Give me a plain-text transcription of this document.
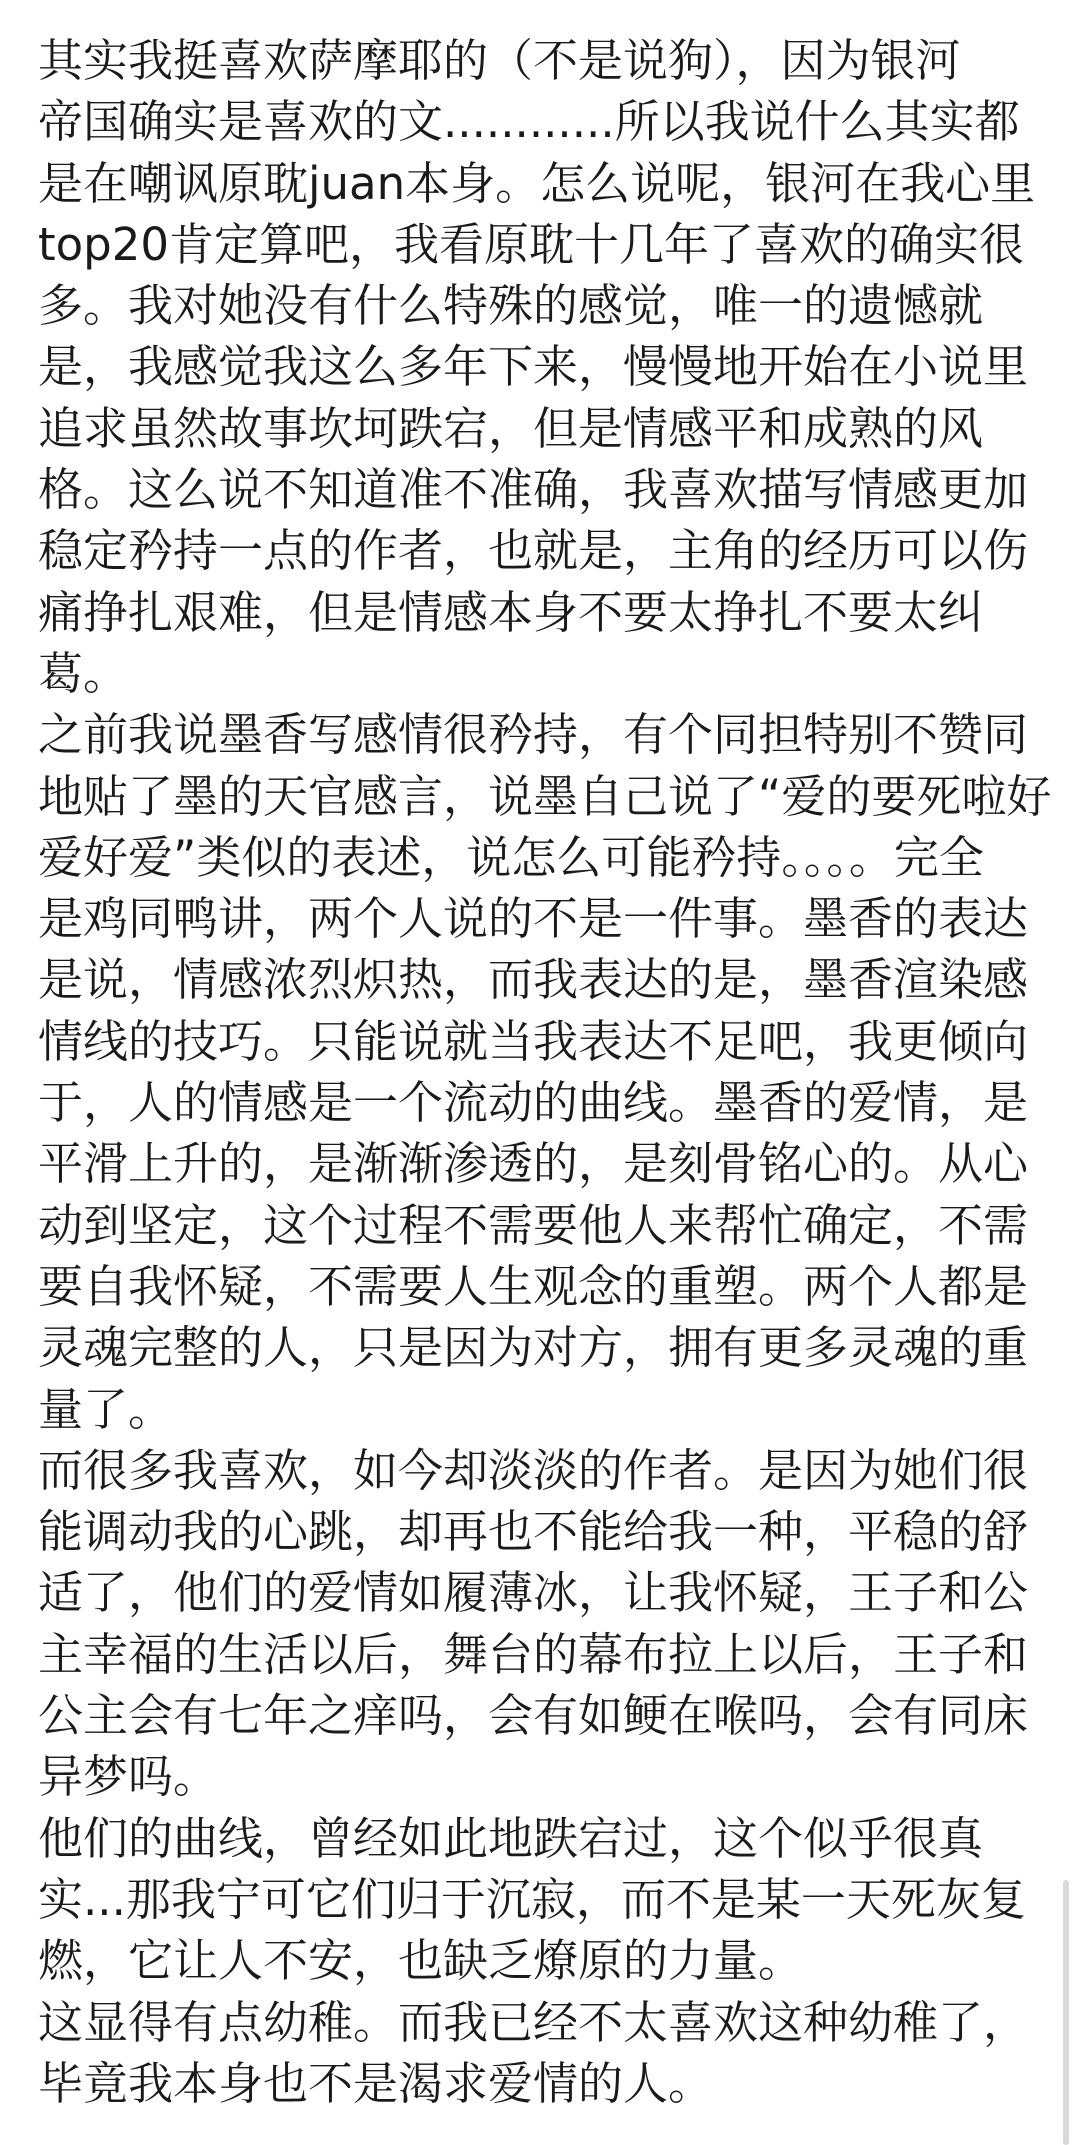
其实我挺喜欢萨摩耶的（不是说狗），因为银河
帝国确实是喜欢的文............所以我说什么其实都
是在嘲讽原耽juan本身。怎么说呢，银河在我心里
top20肯定算吧，我看原耽十几年了喜欢的确实很
多。我对她没有什么特殊的感觉，唯一的遗憾就
是，我感觉我这么多年下来，慢慢地开始在小说里
追求虽然故事坎坷跌宕，但是情感平和成熟的风
格。这么说不知道准不准确，我喜欢描写情感更加
稳定矜持一点的作者，也就是，主角的经历可以伤
痛挣扎艰难，但是情感本身不要太挣扎不要太纠
葛。
之前我说墨香写感情很矜持，有个同担特别不赞同
地贴了墨的天官感言，说墨自己说了“爱的要死啦好
爱好爱”类似的表述，说怎么可能矜持。。。。完全
是鸡同鸭讲，两个人说的不是一件事。墨香的表达
是说，情感浓烈炽热，而我表达的是，墨香渲染感
情线的技巧。只能说就当我表达不足吧，我更倾向
于，人的情感是一个流动的曲线。墨香的爱情，是
平滑上升的，是渐渐渗透的，是刻骨铭心的。从心
动到坚定，这个过程不需要他人来帮忙确定，不需
要自我怀疑，不需要人生观念的重塑。两个人都是
灵魂完整的人，只是因为对方，拥有更多灵魂的重
量了。
而很多我喜欢，如今却淡淡的作者。是因为她们很
能调动我的心跳，却再也不能给我一种，平稳的舒
适了，他们的爱情如履薄冰，让我怀疑，王子和公
主幸福的生活以后，舞台的幕布拉上以后，王子和
公主会有七年之痒吗，会有如鲠在喉吗，会有同床
异梦吗。
他们的曲线，曾经如此地跌宕过，这个似乎很真
实...那我宁可它们归于沉寂，而不是某一天死灰复
燃，它让人不安，也缺乏燎原的力量。
这显得有点幼稚。而我已经不太喜欢这种幼稚了，
毕竟我本身也不是渴求爱情的人。
